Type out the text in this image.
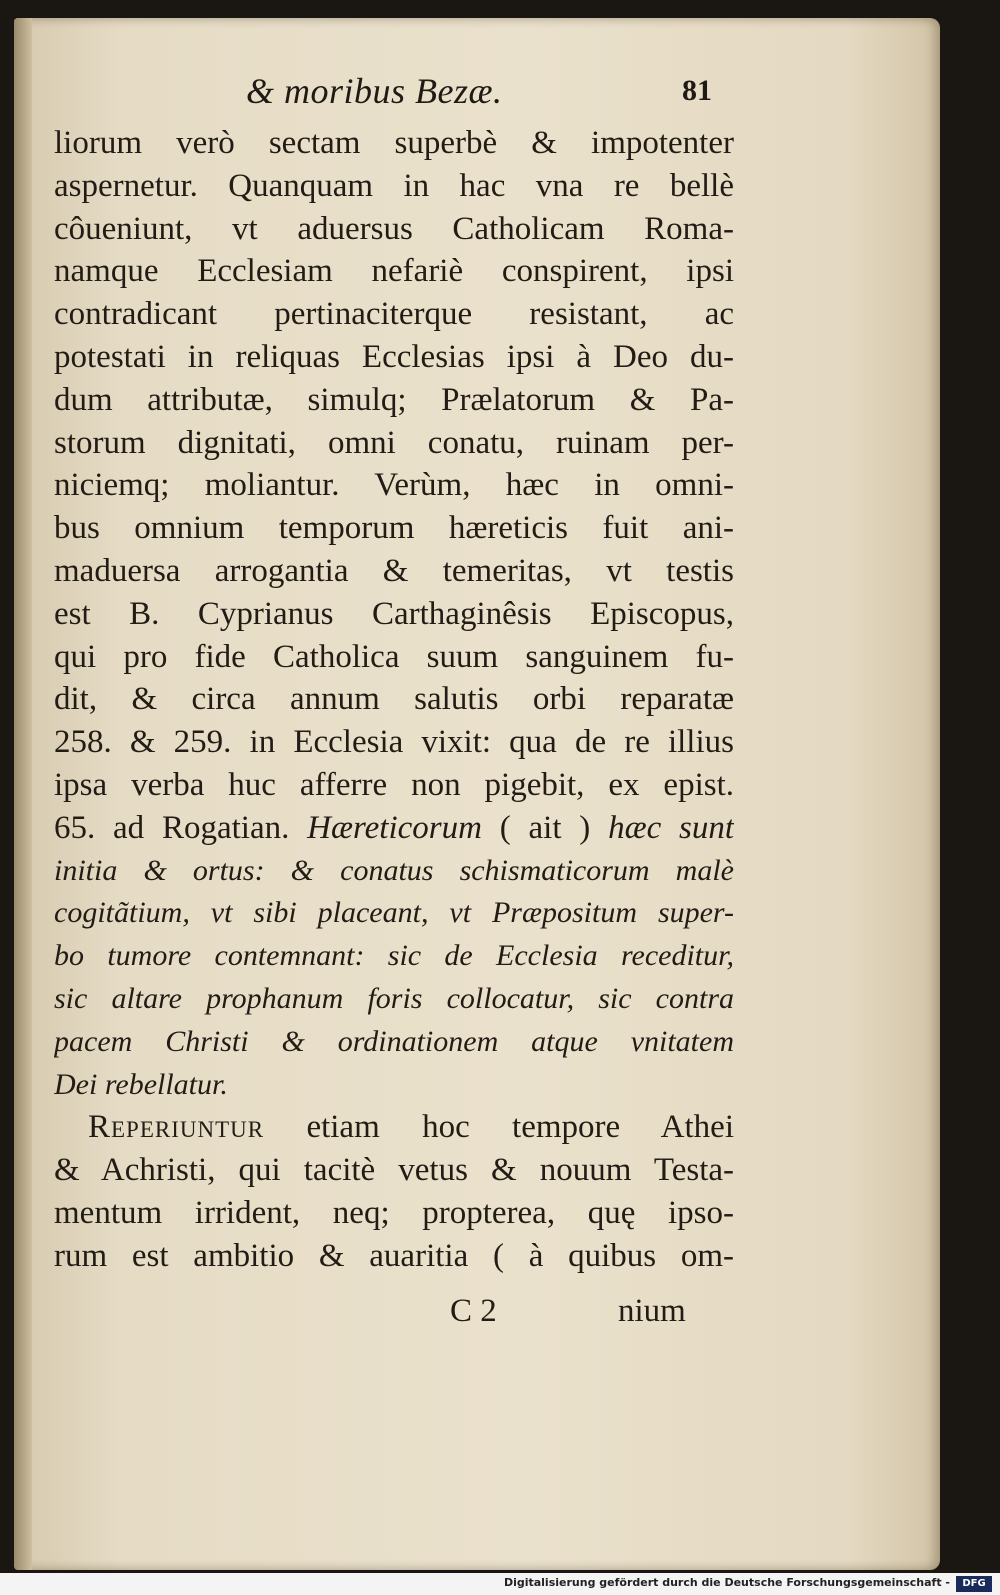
& moribus Bezæ.	81
liorum verò sectam superbè & impotenter
aspernetur. Quanquam in hac vna re bellè
côueniunt, vt aduersus Catholicam Roma-
namque Ecclesiam nefariè conspirent, ipsi
contradicant pertinaciterque resistant, ac
potestati in reliquas Ecclesias ipsi à Deo du-
dum attributæ, simulq; Prælatorum & Pa-
storum dignitati, omni conatu, ruinam per-
niciemq; moliantur. Verùm, hæc in omni-
bus omnium temporum hæreticis fuit ani-
maduersa arrogantia & temeritas, vt testis
est B. Cyprianus Carthaginêsis Episcopus,
qui pro fide Catholica suum sanguinem fu-
dit, & circa annum salutis orbi reparatæ
258. & 259. in Ecclesia vixit: qua de re illius
ipsa verba huc afferre non pigebit, ex epist.
65. ad Rogatian. Hæreticorum ( ait ) hæc sunt
initia & ortus: & conatus schismaticorum malè
cogitãtium, vt sibi placeant, vt Præpositum super-
bo tumore contemnant: sic de Ecclesia receditur,
sic altare prophanum foris collocatur, sic contra
pacem Christi & ordinationem atque vnitatem
Dei rebellatur.
Reperiuntur etiam hoc tempore Athei
& Achristi, qui tacitè vetus & nouum Testa-
mentum irrident, neq; propterea, quę ipso-
rum est ambitio & auaritia ( à quibus om-
C 2	nium
Digitalisierung gefördert durch die Deutsche Forschungsgemeinschaft -	DFG
